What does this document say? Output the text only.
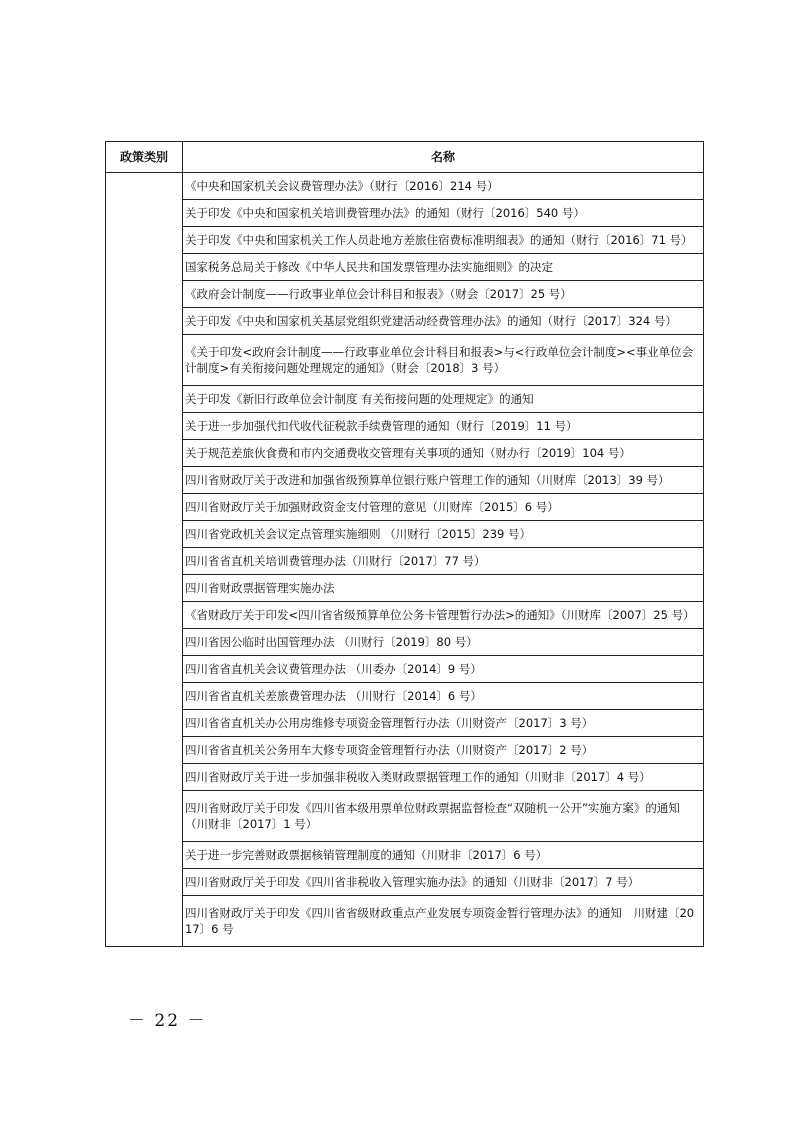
政策类别	名称
	《中央和国家机关会议费管理办法》（财行〔2016〕214 号）
	关于印发《中央和国家机关培训费管理办法》的通知（财行〔2016〕540 号）
	关于印发《中央和国家机关工作人员赴地方差旅住宿费标准明细表》的通知（财行〔2016〕71 号）
	国家税务总局关于修改《中华人民共和国发票管理办法实施细则》的决定
	《政府会计制度——行政事业单位会计科目和报表》（财会〔2017〕25 号）
	关于印发《中央和国家机关基层党组织党建活动经费管理办法》的通知（财行〔2017〕324 号）
	《关于印发<政府会计制度——行政事业单位会计科目和报表>与<行政单位会计制度><事业单位会计制度>有关衔接问题处理规定的通知》（财会〔2018〕3 号）
	关于印发《新旧行政单位会计制度 有关衔接问题的处理规定》的通知
	关于进一步加强代扣代收代征税款手续费管理的通知（财行〔2019〕11 号）
	关于规范差旅伙食费和市内交通费收交管理有关事项的通知（财办行〔2019〕104 号）
	四川省财政厅关于改进和加强省级预算单位银行账户管理工作的通知（川财库〔2013〕39 号）
	四川省财政厅关于加强财政资金支付管理的意见（川财库〔2015〕6 号）
	四川省党政机关会议定点管理实施细则 （川财行〔2015〕239 号）
	四川省省直机关培训费管理办法（川财行〔2017〕77 号）
	四川省财政票据管理实施办法
	《省财政厅关于印发<四川省省级预算单位公务卡管理暂行办法>的通知》（川财库〔2007〕25 号）
	四川省因公临时出国管理办法 （川财行〔2019〕80 号）
	四川省省直机关会议费管理办法 （川委办〔2014〕9 号）
	四川省省直机关差旅费管理办法 （川财行〔2014〕6 号）
	四川省省直机关办公用房维修专项资金管理暂行办法（川财资产〔2017〕3 号）
	四川省省直机关公务用车大修专项资金管理暂行办法（川财资产〔2017〕2 号）
	四川省财政厅关于进一步加强非税收入类财政票据管理工作的通知（川财非〔2017〕4 号）
	四川省财政厅关于印发《四川省本级用票单位财政票据监督检查“双随机一公开”实施方案》的通知（川财非〔2017〕1 号）
	关于进一步完善财政票据核销管理制度的通知（川财非〔2017〕6 号）
	四川省财政厅关于印发《四川省非税收入管理实施办法》的通知（川财非〔2017〕7 号）
	四川省财政厅关于印发《四川省省级财政重点产业发展专项资金暂行管理办法》的通知　川财建〔2017〕6 号
－ 22 －
